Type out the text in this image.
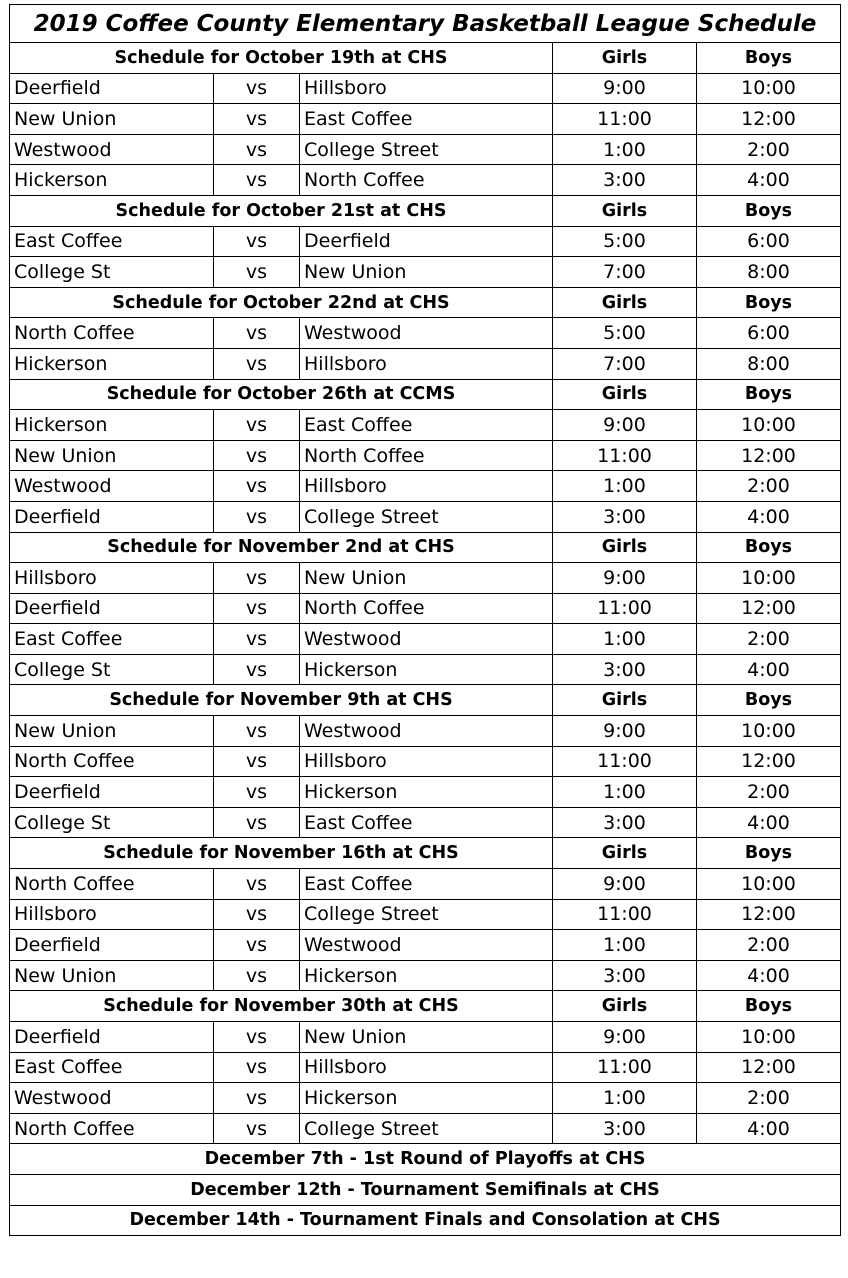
2019 Coffee County Elementary Basketball League Schedule				
Schedule for October 19th at CHS			Girls	Boys
Deerfield	vs	Hillsboro	9:00	10:00
New Union	vs	East Coffee	11:00	12:00
Westwood	vs	College Street	1:00	2:00
Hickerson	vs	North Coffee	3:00	4:00
Schedule for October 21st at CHS			Girls	Boys
East Coffee	vs	Deerfield	5:00	6:00
College St	vs	New Union	7:00	8:00
Schedule for October 22nd at CHS			Girls	Boys
North Coffee	vs	Westwood	5:00	6:00
Hickerson	vs	Hillsboro	7:00	8:00
Schedule for October 26th at CCMS			Girls	Boys
Hickerson	vs	East Coffee	9:00	10:00
New Union	vs	North Coffee	11:00	12:00
Westwood	vs	Hillsboro	1:00	2:00
Deerfield	vs	College Street	3:00	4:00
Schedule for November 2nd at CHS			Girls	Boys
Hillsboro	vs	New Union	9:00	10:00
Deerfield	vs	North Coffee	11:00	12:00
East Coffee	vs	Westwood	1:00	2:00
College St	vs	Hickerson	3:00	4:00
Schedule for November 9th at CHS			Girls	Boys
New Union	vs	Westwood	9:00	10:00
North Coffee	vs	Hillsboro	11:00	12:00
Deerfield	vs	Hickerson	1:00	2:00
College St	vs	East Coffee	3:00	4:00
Schedule for November 16th at CHS			Girls	Boys
North Coffee	vs	East Coffee	9:00	10:00
Hillsboro	vs	College Street	11:00	12:00
Deerfield	vs	Westwood	1:00	2:00
New Union	vs	Hickerson	3:00	4:00
Schedule for November 30th at CHS			Girls	Boys
Deerfield	vs	New Union	9:00	10:00
East Coffee	vs	Hillsboro	11:00	12:00
Westwood	vs	Hickerson	1:00	2:00
North Coffee	vs	College Street	3:00	4:00
December 7th - 1st Round of Playoffs at CHS				
December 12th - Tournament Semifinals at CHS				
December 14th - Tournament Finals and Consolation at CHS				
